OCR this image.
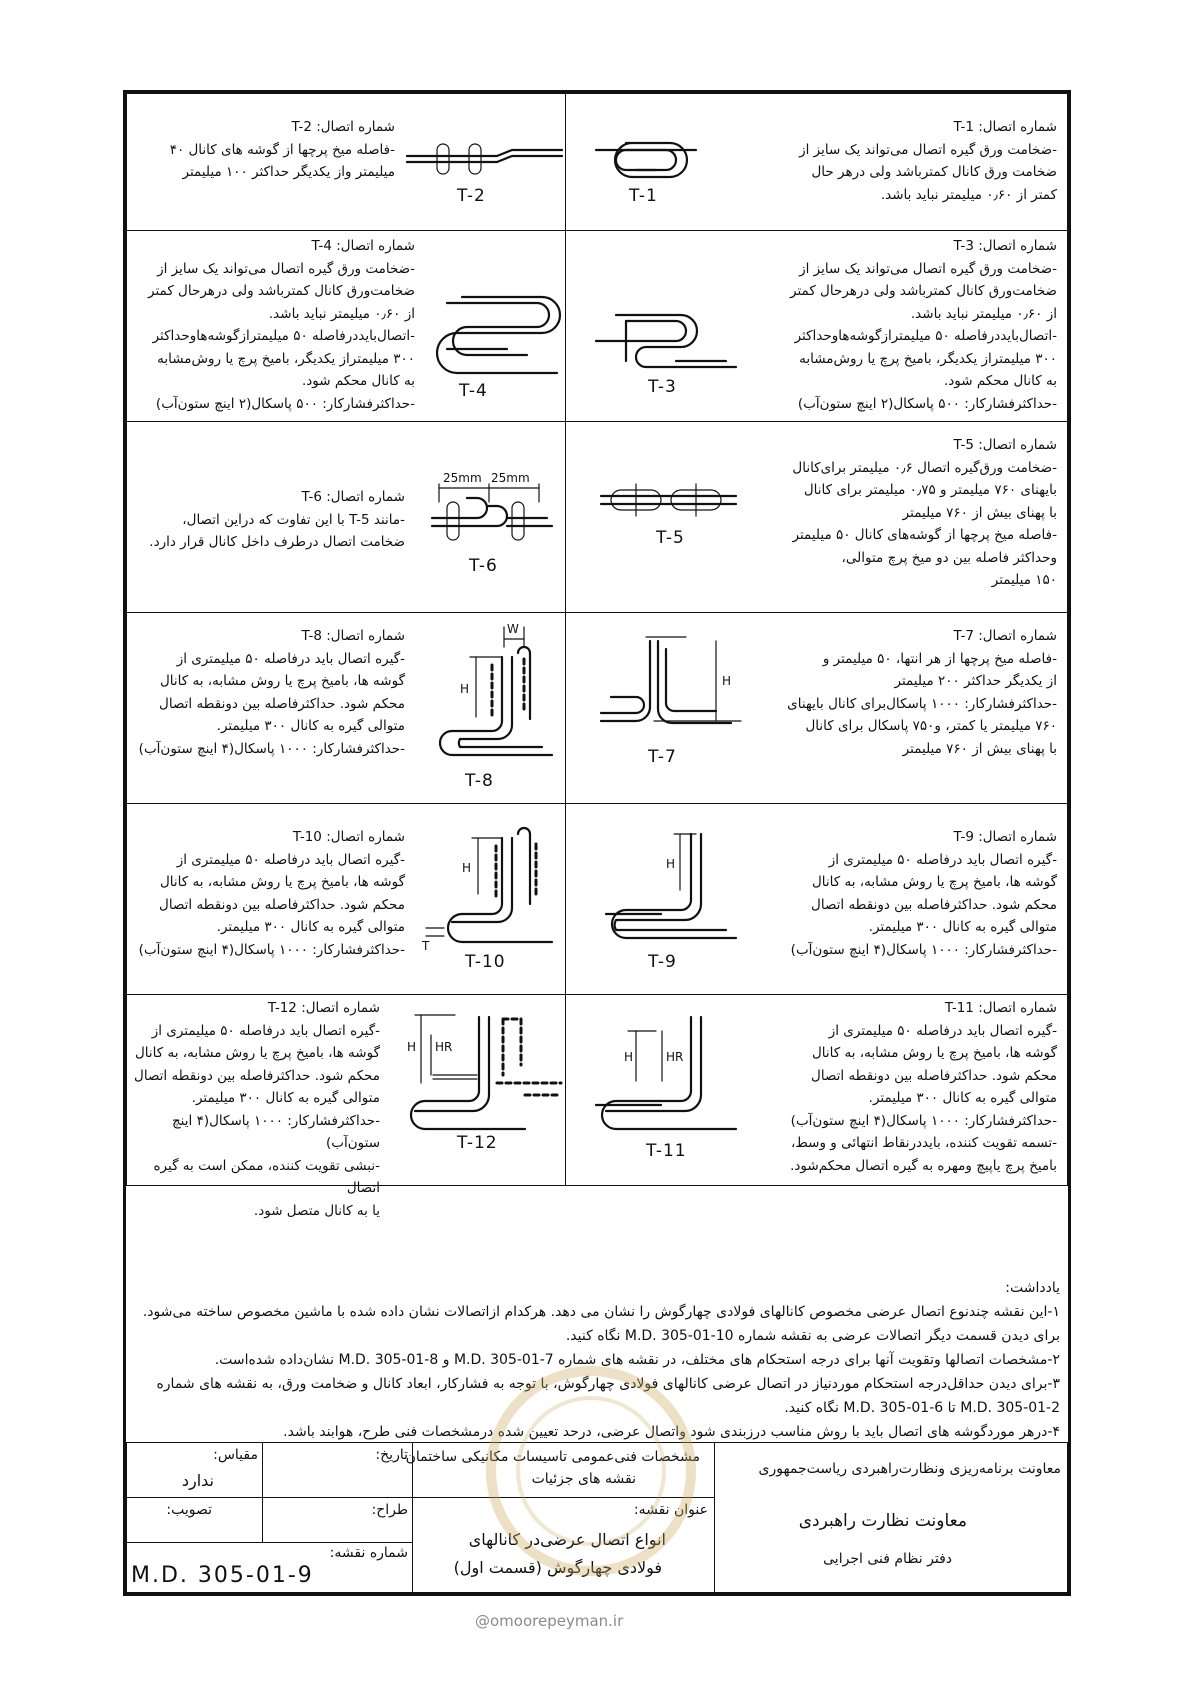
شماره اتصال: T-1
-ضخامت ورق گیره اتصال می‌تواند یک سایز از
ضخامت ورق کانال کمترباشد ولی درهر حال
کمتر از ۰٫۶۰ میلیمتر نباید باشد.
T-1
شماره اتصال: T-2
-فاصله میخ پرچها از گوشه های کانال ۴۰
میلیمتر واز یکدیگر حداکثر ۱۰۰ میلیمتر
T-2
شماره اتصال: T-3
-ضخامت ورق گیره اتصال می‌تواند یک سایز از
ضخامت‌ورق کانال کمترباشد ولی درهرحال کمتر
از ۰٫۶۰ میلیمتر نباید باشد.
-اتصال‌بایددرفاصله ۵۰ میلیمترازگوشه‌هاوحداکثر
۳۰۰ میلیمتراز یکدیگر، بامیخ پرچ یا روش‌مشابه
به کانال محکم شود.
-حداکثرفشارکار: ۵۰۰ پاسکال(۲ اینچ ستون‌آب)
T-3
شماره اتصال: T-4
-ضخامت ورق گیره اتصال می‌تواند یک سایز از
ضخامت‌ورق کانال کمترباشد ولی درهرحال کمتر
از ۰٫۶۰ میلیمتر نباید باشد.
-اتصال‌بایددرفاصله ۵۰ میلیمترازگوشه‌هاوحداکثر
۳۰۰ میلیمتراز یکدیگر، بامیخ پرچ یا روش‌مشابه
به کانال محکم شود.
-حداکثرفشارکار: ۵۰۰ پاسکال(۲ اینچ ستون‌آب)
T-4
شماره اتصال: T-5
-ضخامت ورق‌گیره اتصال ۰٫۶ میلیمتر برای‌کانال
بایهنای ۷۶۰ میلیمتر و ۰٫۷۵ میلیمتر برای کانال
با پهنای بیش از ۷۶۰ میلیمتر
-فاصله میخ پرچها از گوشه‌های کانال ۵۰ میلیمتر
وحداکثر فاصله بین دو میخ پرچ متوالی،
۱۵۰ میلیمتر
T-5
شماره اتصال: T-6
-مانند T-5 با این تفاوت که دراین اتصال،
ضخامت اتصال درطرف داخل کانال قرار دارد.
25mm 25mm
T-6
شماره اتصال: T-7
-فاصله میخ پرچها از هر انتها، ۵۰ میلیمتر و
از یکدیگر حداکثر ۲۰۰ میلیمتر
-حداکثرفشارکار: ۱۰۰۰ پاسکال‌برای کانال بایهنای
۷۶۰ میلیمتر یا کمتر، و۷۵۰ پاسکال برای کانال
با پهنای بیش از ۷۶۰ میلیمتر
H
T-7
شماره اتصال: T-8
-گیره اتصال باید درفاصله ۵۰ میلیمتری از
گوشه ها، بامیخ پرچ یا روش مشابه، به کانال
محکم شود. حداکثرفاصله بین دونقطه اتصال
متوالی گیره به کانال ۳۰۰ میلیمتر.
-حداکثرفشارکار: ۱۰۰۰ پاسکال(۴ اینچ ستون‌آب)
W
H
T-8
شماره اتصال: T-9
-گیره اتصال باید درفاصله ۵۰ میلیمتری از
گوشه ها، بامیخ پرچ یا روش مشابه، به کانال
محکم شود. حداکثرفاصله بین دونقطه اتصال
متوالی گیره به کانال ۳۰۰ میلیمتر.
-حداکثرفشارکار: ۱۰۰۰ پاسکال(۴ اینچ ستون‌آب)
H
T-9
شماره اتصال: T-10
-گیره اتصال باید درفاصله ۵۰ میلیمتری از
گوشه ها، بامیخ پرچ یا روش مشابه، به کانال
محکم شود. حداکثرفاصله بین دونقطه اتصال
متوالی گیره به کانال ۳۰۰ میلیمتر.
-حداکثرفشارکار: ۱۰۰۰ پاسکال(۴ اینچ ستون‌آب)
H
T
T-10
شماره اتصال: T-11
-گیره اتصال باید درفاصله ۵۰ میلیمتری از
گوشه ها، بامیخ پرچ یا روش مشابه، به کانال
محکم شود. حداکثرفاصله بین دونقطه اتصال
متوالی گیره به کانال ۳۰۰ میلیمتر.
-حداکثرفشارکار: ۱۰۰۰ پاسکال(۴ اینچ ستون‌آب)
-تسمه تقویت کننده، بایددرنقاط انتهائی و وسط،
بامیخ پرچ یاپیچ ومهره به گیره اتصال محکم‌شود.
H	HR
T-11
شماره اتصال: T-12
-گیره اتصال باید درفاصله ۵۰ میلیمتری از
گوشه ها، بامیخ پرچ یا روش مشابه، به کانال
محکم شود. حداکثرفاصله بین دونقطه اتصال
متوالی گیره به کانال ۳۰۰ میلیمتر.
-حداکثرفشارکار: ۱۰۰۰ پاسکال(۴ اینچ ستون‌آب)
-نبشی تقویت کننده، ممکن است به گیره اتصال
یا به کانال متصل شود.
H HR
T-12
یادداشت:
۱-این نقشه چندنوع اتصال عرضی مخصوص کانالهای فولادی چهارگوش را نشان می دهد. هرکدام ازاتصالات نشان داده شده با ماشین مخصوص ساخته می‌شود. برای دیدن قسمت دیگر اتصالات عرضی به نقشه شماره M.D. 305-01-10 نگاه کنید.
۲-مشخصات اتصالها وتقویت آنها برای درجه استحکام های مختلف، در نقشه های شماره M.D. 305-01-7 و M.D. 305-01-8 نشان‌داده شده‌است.
۳-برای دیدن حداقل‌درجه استحکام موردنیاز در اتصال عرضی کانالهای فولادی چهارگوش، با توجه به فشارکار، ابعاد کانال و ضخامت ورق، به نقشه های شماره M.D. 305-01-2 تا M.D. 305-01-6 نگاه کنید.
۴-درهر موردگوشه های اتصال باید با روش مناسب درزبندی شود واتصال عرضی، درحد تعیین شده درمشخصات فنی طرح، هوابند باشد.
معاونت برنامه‌ریزی ونظارت‌راهبردی ریاست‌جمهوری
معاونت نظارت راهبردی
دفتر نظام فنی اجرایی
مشخصات فنی‌عمومی تاسیسات مکانیکی ساختمان
نقشه های جزئیات
عنوان نقشه:
انواع اتصال عرضی‌در کانالهای
فولادی چهارگوش (قسمت اول)
تاریخ:
مقیاس:
ندارد
طراح:
تصویب:
شماره نقشه:
M.D. 305-01-9
@omoorepeyman.ir
